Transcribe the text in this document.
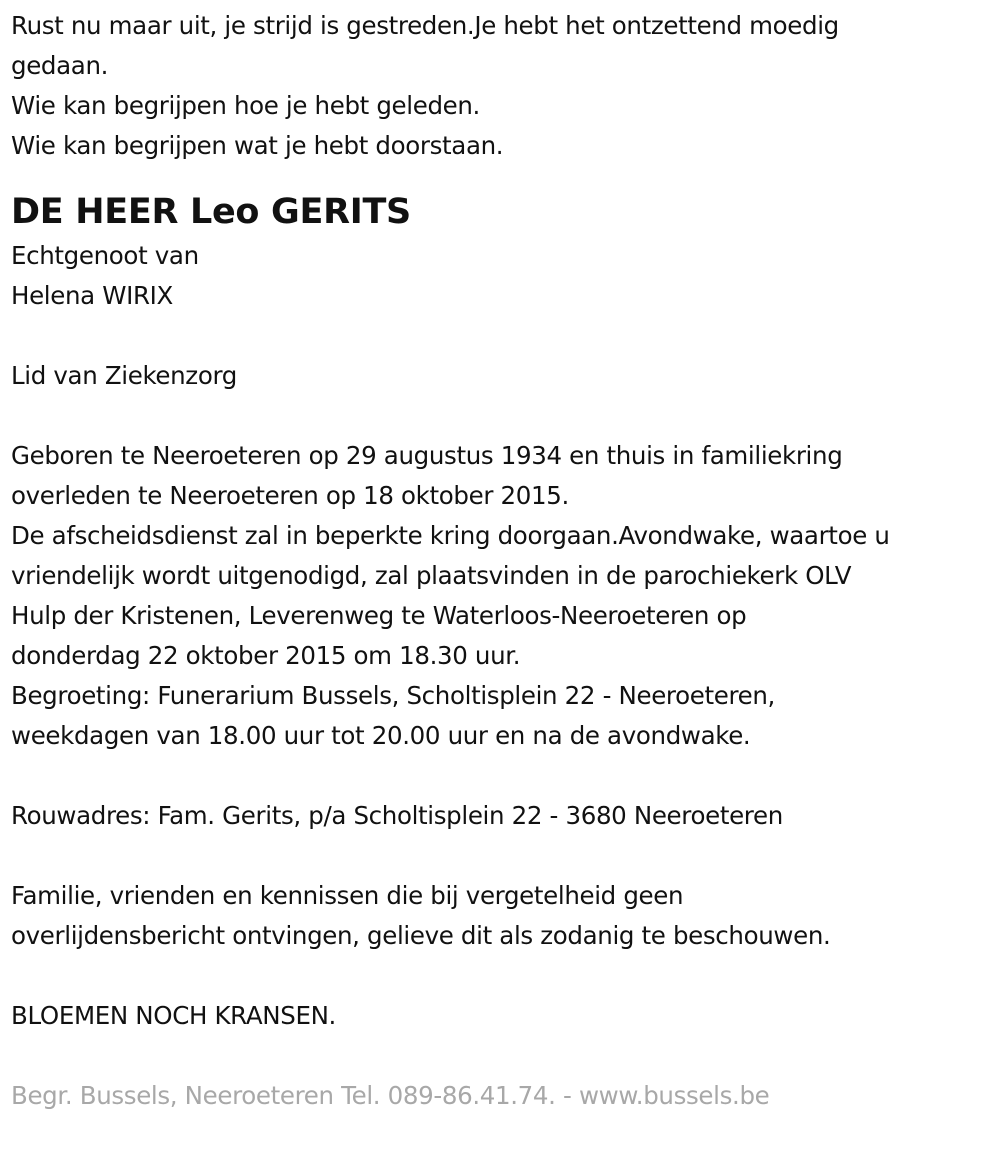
Rust nu maar uit, je strijd is gestreden.Je hebt het ontzettend moedig
gedaan.
Wie kan begrijpen hoe je hebt geleden.
Wie kan begrijpen wat je hebt doorstaan.
DE HEER Leo GERITS
Echtgenoot van
Helena WIRIX
Lid van Ziekenzorg
Geboren te Neeroeteren op 29 augustus 1934 en thuis in familiekring
overleden te Neeroeteren op 18 oktober 2015.
De afscheidsdienst zal in beperkte kring doorgaan.Avondwake, waartoe u
vriendelijk wordt uitgenodigd, zal plaatsvinden in de parochiekerk OLV
Hulp der Kristenen, Leverenweg te Waterloos-Neeroeteren op
donderdag 22 oktober 2015 om 18.30 uur.
Begroeting: Funerarium Bussels, Scholtisplein 22 - Neeroeteren,
weekdagen van 18.00 uur tot 20.00 uur en na de avondwake.
Rouwadres: Fam. Gerits, p/a Scholtisplein 22 - 3680 Neeroeteren
Familie, vrienden en kennissen die bij vergetelheid geen
overlijdensbericht ontvingen, gelieve dit als zodanig te beschouwen.
BLOEMEN NOCH KRANSEN.
Begr. Bussels, Neeroeteren Tel. 089-86.41.74. - www.bussels.be
